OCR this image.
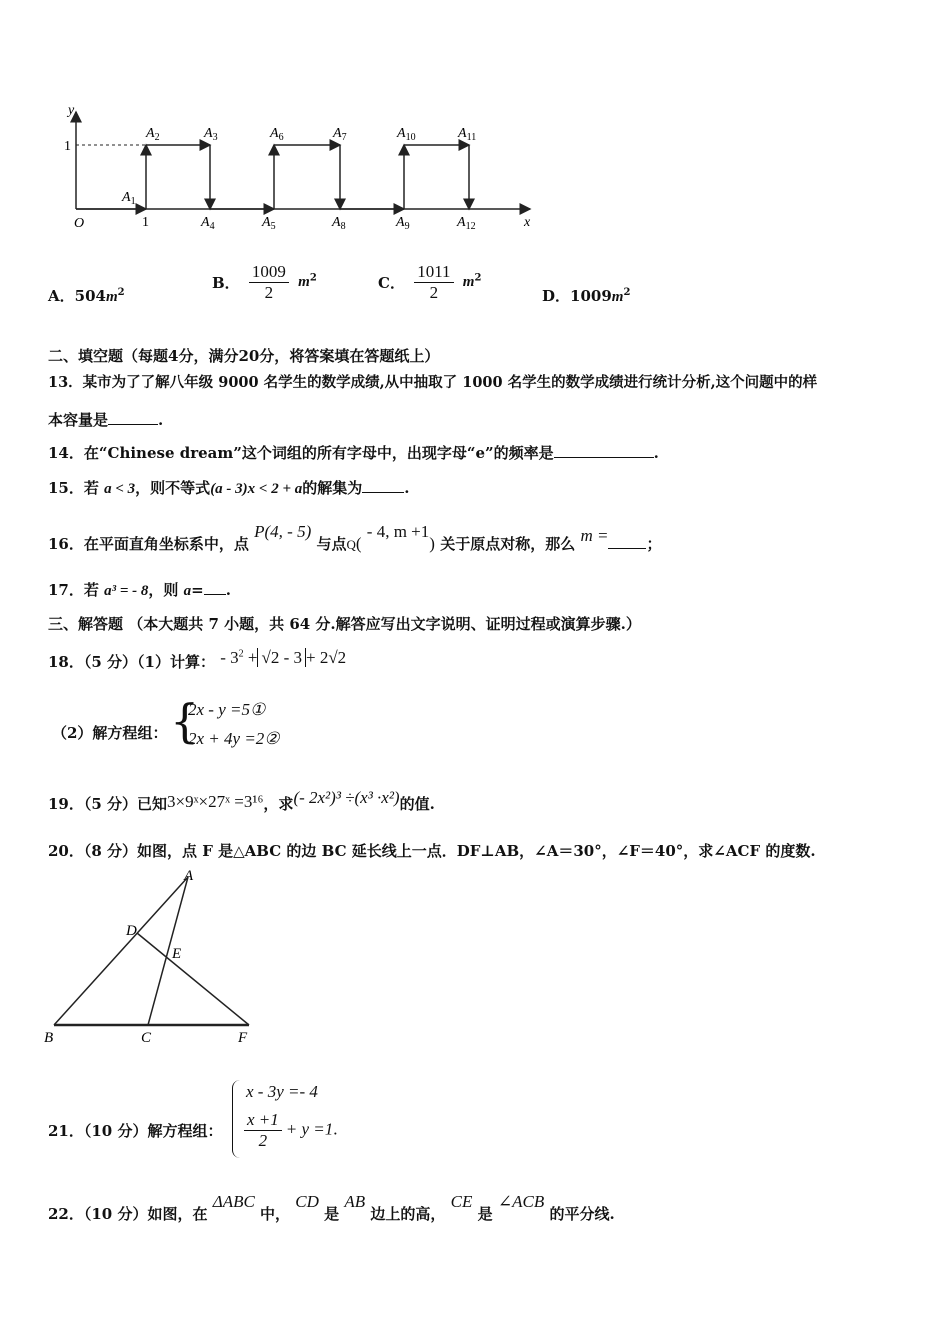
y
x
O
1
1
$A_1$
$A_2$	$A_3$
$A_4$	$A_5$
$A_6$	$A_7$
$A_8$	$A_9$
$A_{10}$	$A_{11}$
$A_{12}$
A．$504m^2$
B． $\frac{1009}{2} m^2$	C． $\frac{1011}{2} m^2$
D．$1009m^2$
二、填空题（每题4分，满分20分，将答案填在答题纸上）
13．某市为了了解八年级 9000 名学生的数学成绩,从中抽取了 1000 名学生的数学成绩进行统计分析,这个问题中的样
本容量是	.
14．在“Chinese dream”这个词组的所有字母中，出现字母“e”的频率是	.
15．若 a < 3，则不等式(a - 3)x < 2 + a的解集为	.
16．在平面直角坐标系中，点 P(4, - 5) 与点Q( - 4, m +1) 关于原点对称，那么 m =	；
17．若 a³ = - 8，则 a= .
三、解答题 （本大题共 7 小题，共 64 分.解答应写出文字说明、证明过程或演算步骤.）
18．（5 分）（1）计算： - $3^2 + √2 - 3 + 2√2$
（2）解方程组： {
2x - y =5①
2x + 4y =2②
19．（5 分）已知3×9ˣ×27ˣ =3¹⁶，求(- 2x²)³ ÷(x³ ·x²)的值.
20．（8 分）如图，点 F 是△ABC 的边 BC 延长线上一点．DF⊥AB，∠A＝30°，∠F＝40°，求∠ACF 的度数.
A
B	C
D
E
F
21．（10 分）解方程组：
x - 3y =- 4
$\frac{x +1}{2} + y =1$.
22．（10 分）如图，在 ΔABC 中， CD 是 AB 边上的高， CE 是 ∠ACB 的平分线.
